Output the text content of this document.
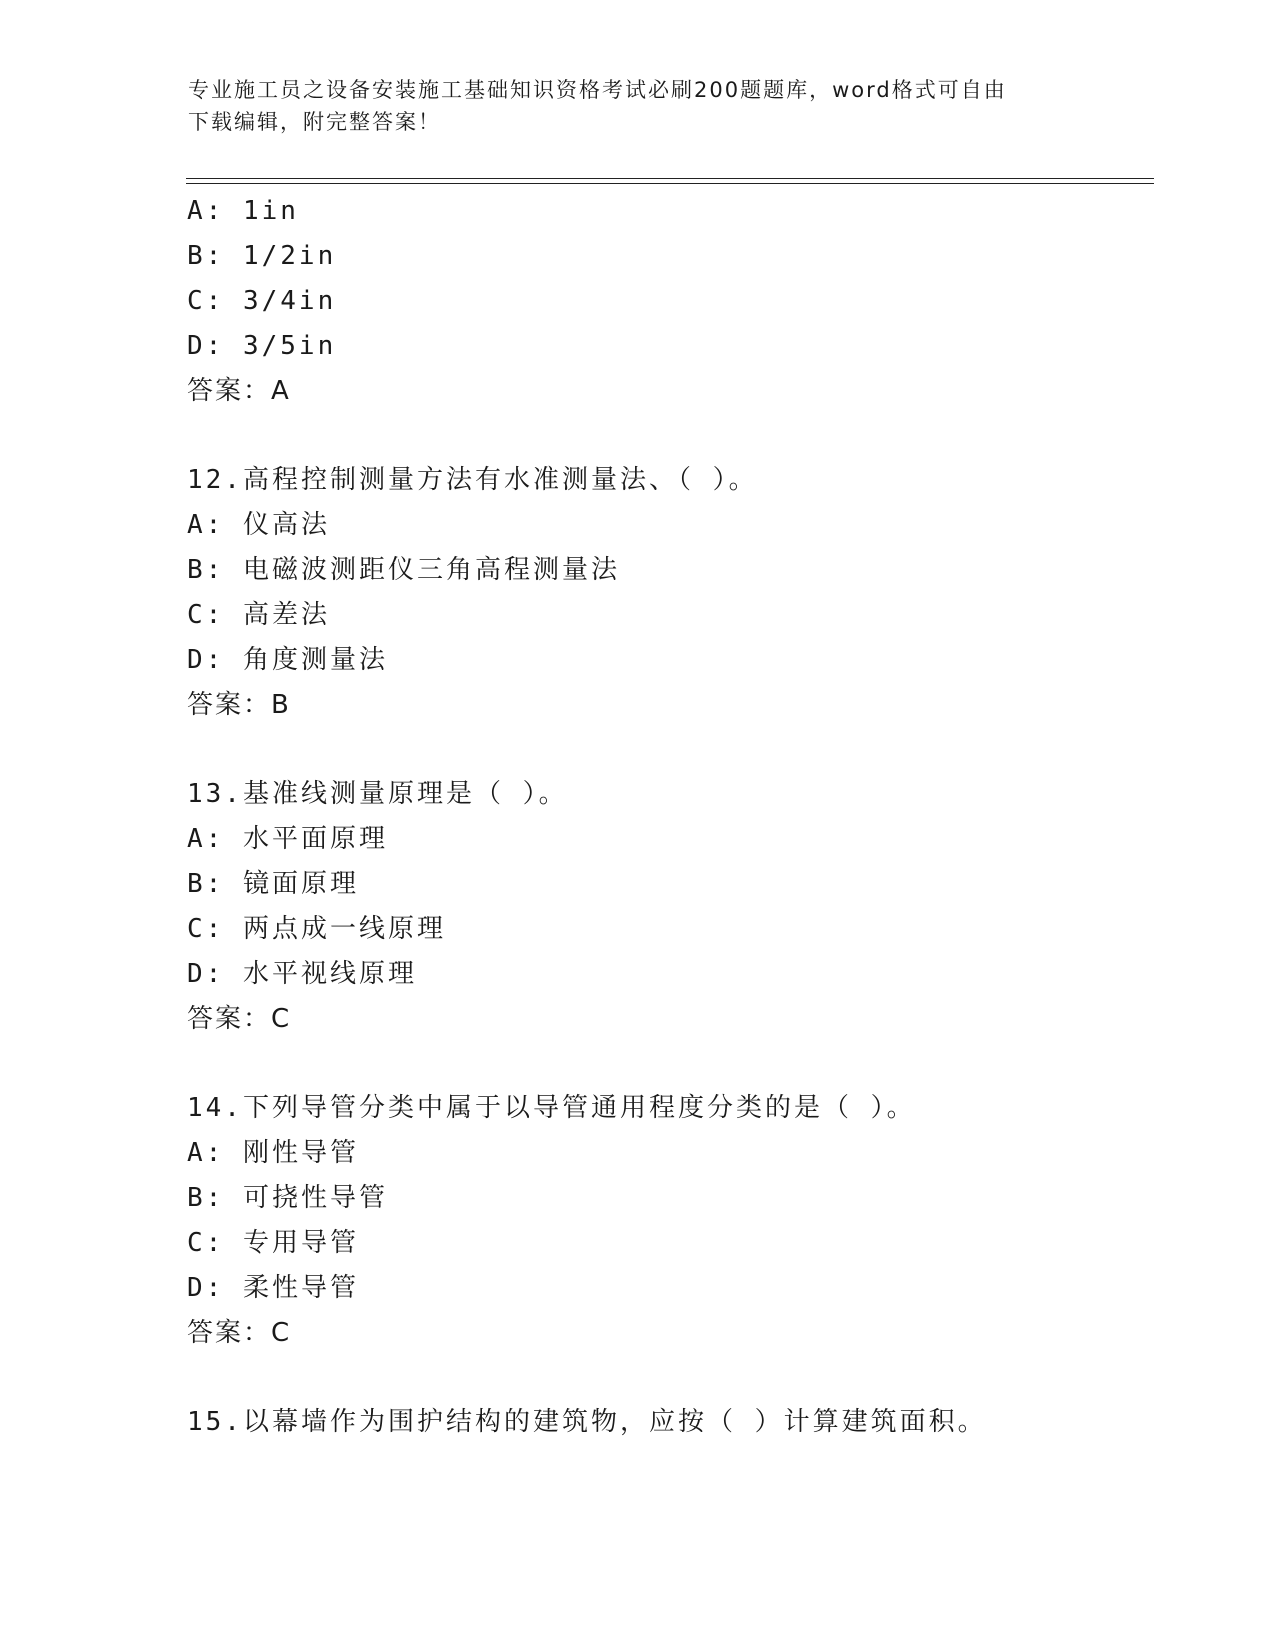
专业施工员之设备安装施工基础知识资格考试必刷200题题库，word格式可自由
下载编辑，附完整答案！
A: 1in
B: 1/2in
C: 3/4in
D: 3/5in
答案：A
12.高程控制测量方法有水准测量法、（ ）。
A: 仪高法
B: 电磁波测距仪三角高程测量法
C: 高差法
D: 角度测量法
答案：B
13.基准线测量原理是（ ）。
A: 水平面原理
B: 镜面原理
C: 两点成一线原理
D: 水平视线原理
答案：C
14.下列导管分类中属于以导管通用程度分类的是（ ）。
A: 刚性导管
B: 可挠性导管
C: 专用导管
D: 柔性导管
答案：C
15.以幕墙作为围护结构的建筑物，应按（ ）计算建筑面积。
